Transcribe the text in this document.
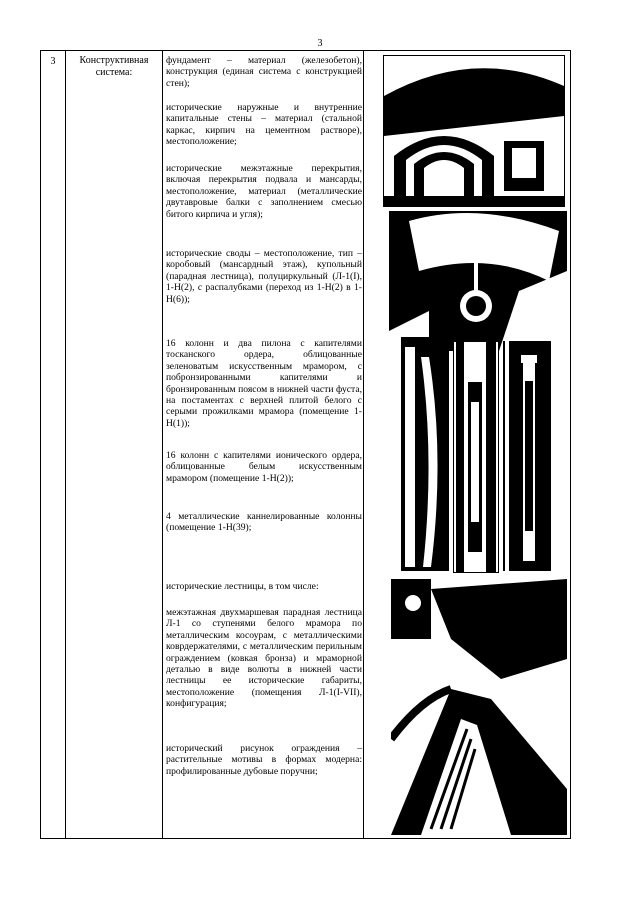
3
3	Конструктивная система:
фундамент – материал (железобетон), конструкция (единая система с конструкцией стен);
исторические наружные и внутренние капитальные стены – материал (стальной каркас, кирпич на цементном растворе), местоположение;
исторические межэтажные перекрытия, включая перекрытия подвала и мансарды, местоположение, материал (металлические двутавровые балки с заполнением смесью битого кирпича и угля);
исторические своды – местоположение, тип – коробовый (мансардный этаж), купольный (парадная лестница), полуциркульный (Л-1(I), 1-Н(2), с распалубками (переход из 1-Н(2) в 1-Н(6));
16 колонн и два пилона с капителями тосканского ордера, облицованные зеленоватым искусственным мрамором, с побронзированными капителями и бронзированным поясом в нижней части фуста, на постаментах с верхней плитой белого с серыми прожилками мрамора (помещение 1-Н(1));
16 колонн с капителями ионического ордера, облицованные белым искусственным мрамором (помещение 1-Н(2));
4 металлические каннелированные колонны (помещение 1-Н(39);
исторические лестницы, в том числе:
межэтажная двухмаршевая парадная лестница Л-1 со ступенями белого мрамора по металлическим косоурам, с металлическими коврдержателями, с металлическим перильным ограждением (ковкая бронза) и мраморной деталью в виде волюты в нижней части лестницы ее исторические габариты, местоположение (помещения Л-1(I-VII), конфигурация;
исторический рисунок ограждения – растительные мотивы в формах модерна: профилированные дубовые поручни;
